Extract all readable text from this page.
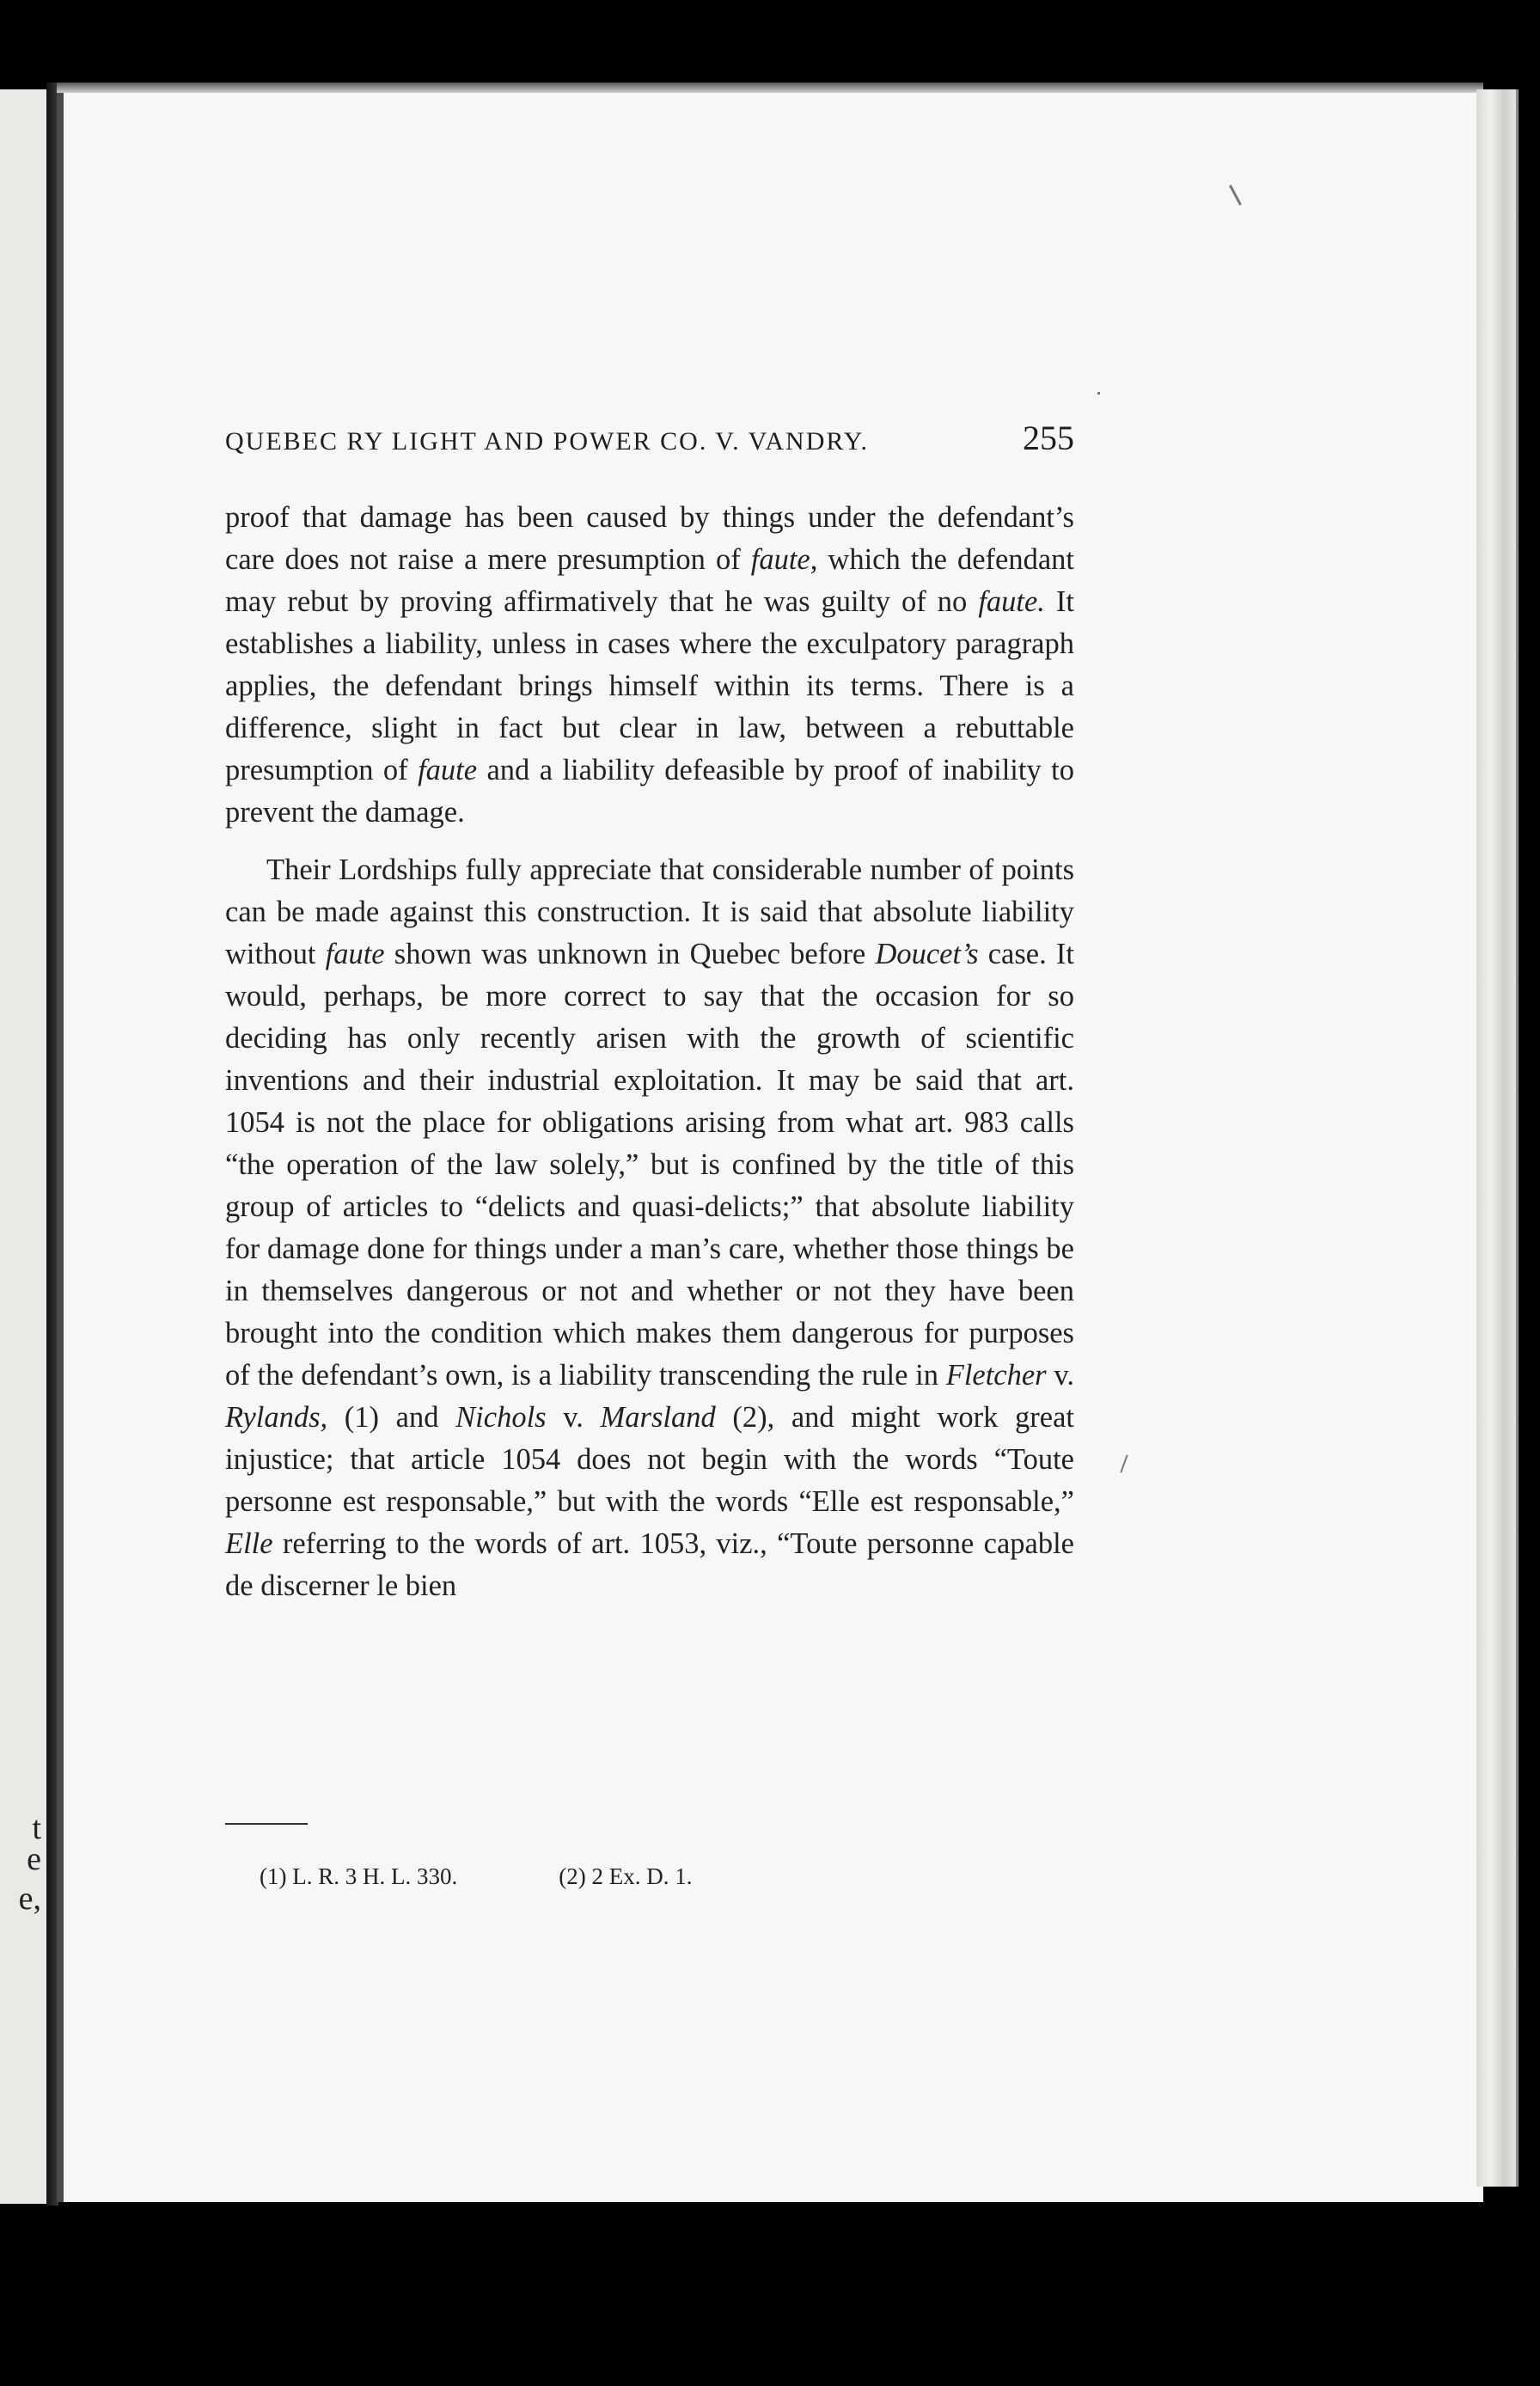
t
e
e,
QUEBEC RY LIGHT AND POWER CO. V. VANDRY.	255

proof that damage has been caused by things under the defendant’s care does not raise a mere presumption of faute, which the defendant may rebut by proving affirmatively that he was guilty of no faute. It establishes a liability, unless in cases where the exculpatory paragraph applies, the defendant brings himself within its terms. There is a difference, slight in fact but clear in law, between a rebuttable presumption of faute and a liability defeasible by proof of inability to prevent the damage.

Their Lordships fully appreciate that considerable number of points can be made against this construction. It is said that absolute liability without faute shown was unknown in Quebec before Doucet’s case. It would, perhaps, be more correct to say that the occasion for so deciding has only recently arisen with the growth of scientific inventions and their industrial exploitation. It may be said that art. 1054 is not the place for obligations arising from what art. 983 calls “the operation of the law solely,” but is confined by the title of this group of articles to “delicts and quasi-delicts;” that absolute liability for damage done for things under a man’s care, whether those things be in themselves dangerous or not and whether or not they have been brought into the condition which makes them dangerous for purposes of the defendant’s own, is a liability transcending the rule in Fletcher v. Rylands, (1) and Nichols v. Marsland (2), and might work great injustice; that article 1054 does not begin with the words “Toute personne est responsable,” but with the words “Elle est responsable,” Elle referring to the words of art. 1053, viz., “Toute personne capable de discerner le bien

(1) L. R. 3 H. L. 330.	(2) 2 Ex. D. 1.
